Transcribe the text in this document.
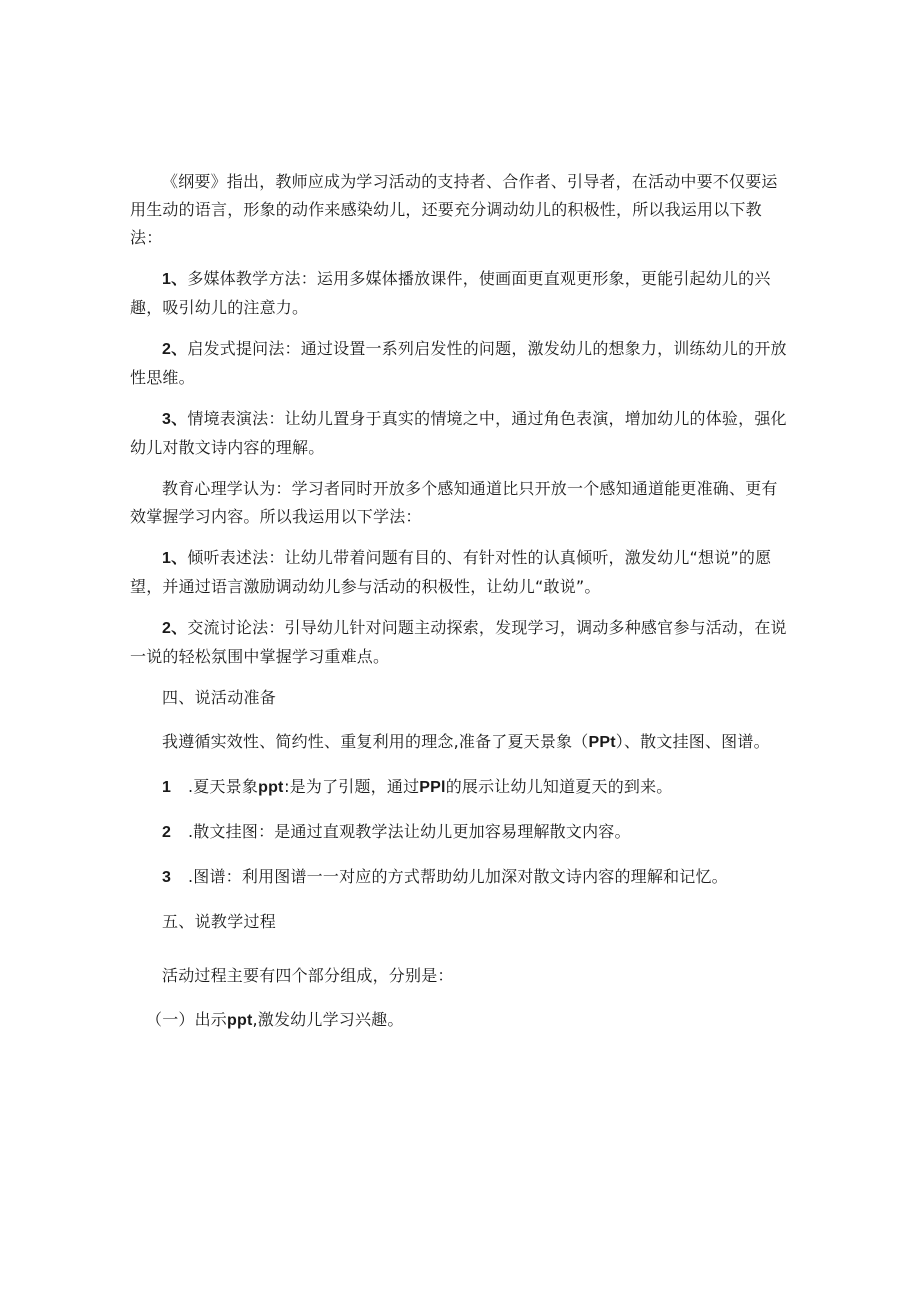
《纲要》指出，教师应成为学习活动的支持者、合作者、引导者，在活动中要不仅要运用生动的语言，形象的动作来感染幼儿，还要充分调动幼儿的积极性，所以我运用以下教法：

1、多媒体教学方法：运用多媒体播放课件，使画面更直观更形象，更能引起幼儿的兴趣，吸引幼儿的注意力。

2、启发式提问法：通过设置一系列启发性的问题，激发幼儿的想象力，训练幼儿的开放性思维。

3、情境表演法：让幼儿置身于真实的情境之中，通过角色表演，增加幼儿的体验，强化幼儿对散文诗内容的理解。

教育心理学认为：学习者同时开放多个感知通道比只开放一个感知通道能更准确、更有效掌握学习内容。所以我运用以下学法：

1、倾听表述法：让幼儿带着问题有目的、有针对性的认真倾听，激发幼儿“想说”的愿望，并通过语言激励调动幼儿参与活动的积极性，让幼儿“敢说”。

2、交流讨论法：引导幼儿针对问题主动探索，发现学习，调动多种感官参与活动，在说一说的轻松氛围中掌握学习重难点。

四、说活动准备

我遵循实效性、简约性、重复利用的理念,准备了夏天景象（PPt）、散文挂图、图谱。

1 .夏天景象ppt:是为了引题，通过PPl的展示让幼儿知道夏天的到来。

2 .散文挂图：是通过直观教学法让幼儿更加容易理解散文内容。

3 .图谱：利用图谱一一对应的方式帮助幼儿加深对散文诗内容的理解和记忆。

五、说教学过程

活动过程主要有四个部分组成，分别是：

（一）出示ppt,激发幼儿学习兴趣。
